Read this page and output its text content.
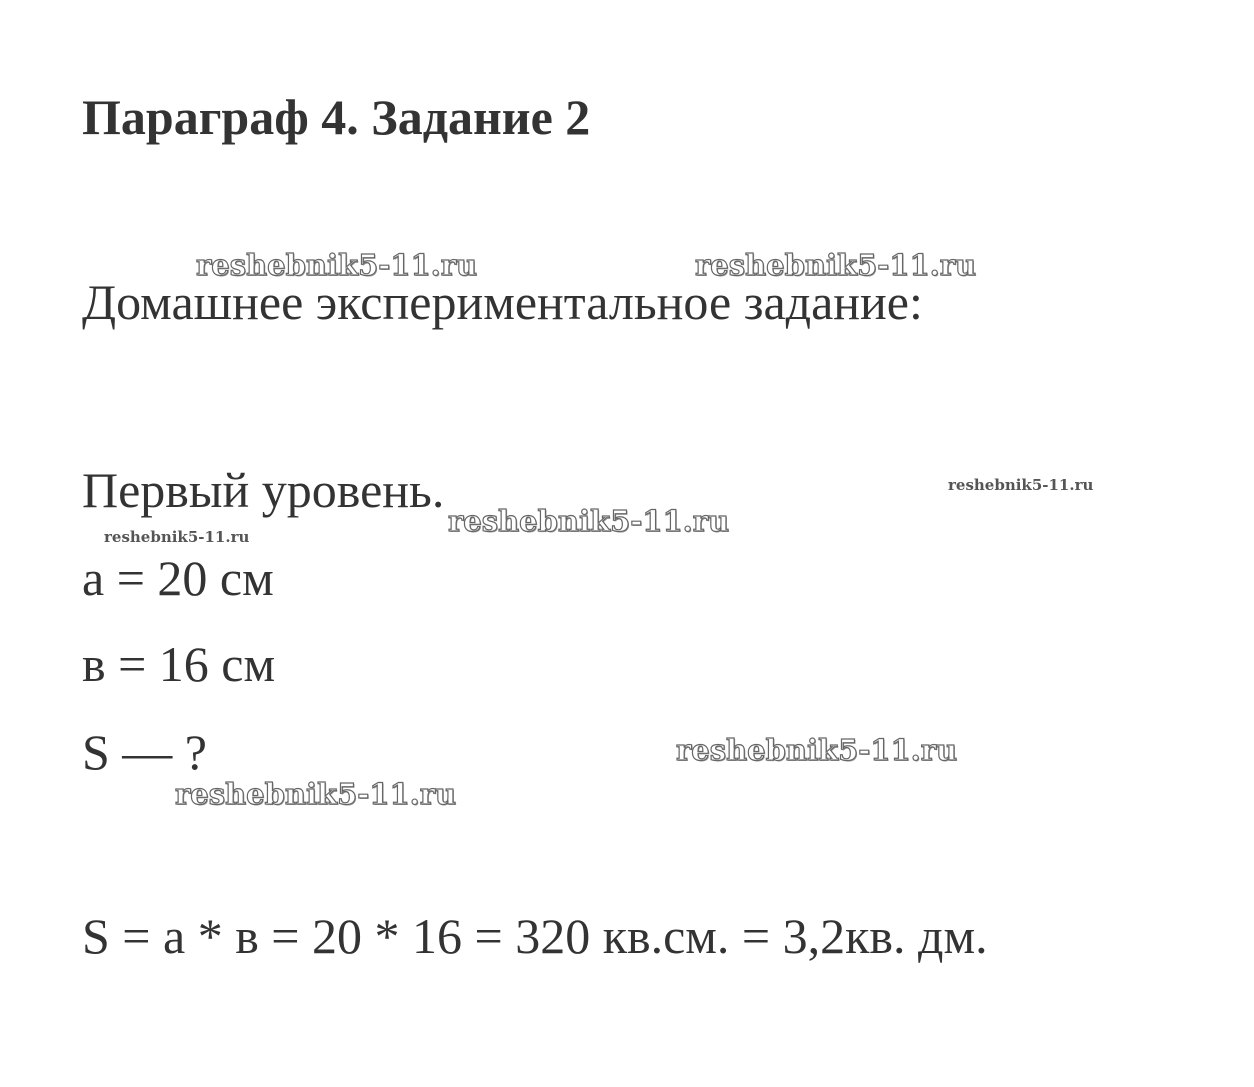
Параграф 4. Задание 2
Домашнее экспериментальное задание:
Первый уровень.
а = 20 см
в = 16 см
S — ?
S = а * в = 20 * 16 = 320 кв.см. = 3,2кв. дм.
reshebnik5-11.ru	reshebnik5-11.ru
reshebnik5-11.ru
reshebnik5-11.ru
reshebnik5-11.ru
reshebnik5-11.ru
reshebnik5-11.ru
